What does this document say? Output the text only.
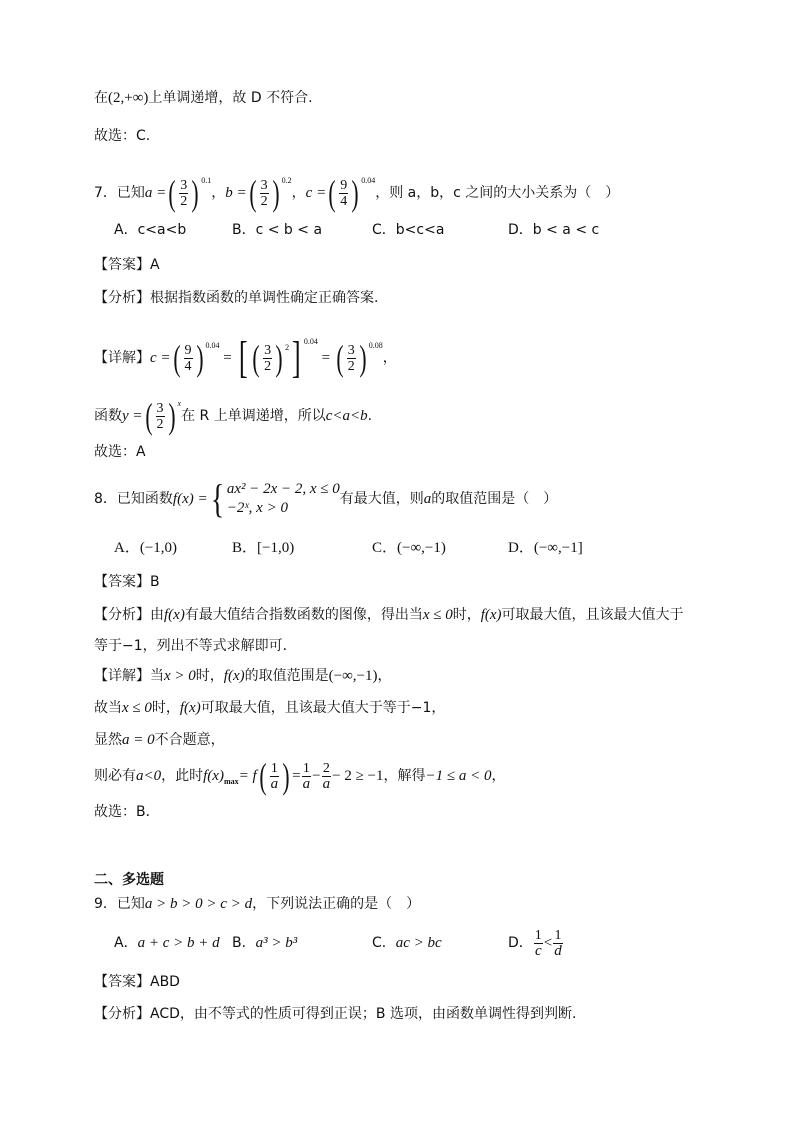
在(2,+∞)上单调递增，故 D 不符合.
故选：C.
7．已知a =( $\frac{3}{2}$ ) $^{0.1}$，b =( $\frac{3}{2}$ ) $^{0.2}$，c =( $\frac{9}{4}$ ) $^{0.04}$，则 a，b，c 之间的大小关系为（　）
A．c<a<b	B．c < b < a	C．b<c<a	D．b < a < c
【答案】A
【分析】根据指数函数的单调性确定正确答案.
【详解】c =( $\frac{9}{4}$ ) $^{0.04}$ = [ ( $\frac{3}{2}$ ) $^2$] $^{0.04}$ = ( $\frac{3}{2}$ ) $^{0.08}$，
函数y =( $\frac{3}{2}$ ) $^x$在 R 上单调递增，所以c<a<b.
故选：A
8．已知函数f(x) ={ ax² − 2x − 2, x ≤ 0
−2ˣ, x > 0
有最大值，则a的取值范围是（　）
A．(−1,0)	B．[−1,0)	C．(−∞,−1)	D．(−∞,−1]
【答案】B
【分析】由f(x)有最大值结合指数函数的图像，得出当x ≤ 0时，f(x)可取最大值，且该最大值大于
等于−1，列出不等式求解即可．
【详解】当x > 0时，f(x)的取值范围是(−∞,−1)，
故当x ≤ 0时，f(x)可取最大值，且该最大值大于等于−1，
显然a = 0不合题意，
则必有a<0，此时$f(x)_{max}= f( \frac{1}{a}$ ) = $\frac{1}{a} - \frac{2}{a} - 2 \ge -1$，解得−1 ≤ a < 0，
故选：B．
二、多选题
9．已知a > b > 0 > c > d，下列说法正确的是（　）
A．a + c > b + d B．a³ > b³	C．ac > bc	D． $\frac{1}{c} < \frac{1}{d}$
【答案】ABD
【分析】ACD，由不等式的性质可得到正误；B 选项，由函数单调性得到判断.
